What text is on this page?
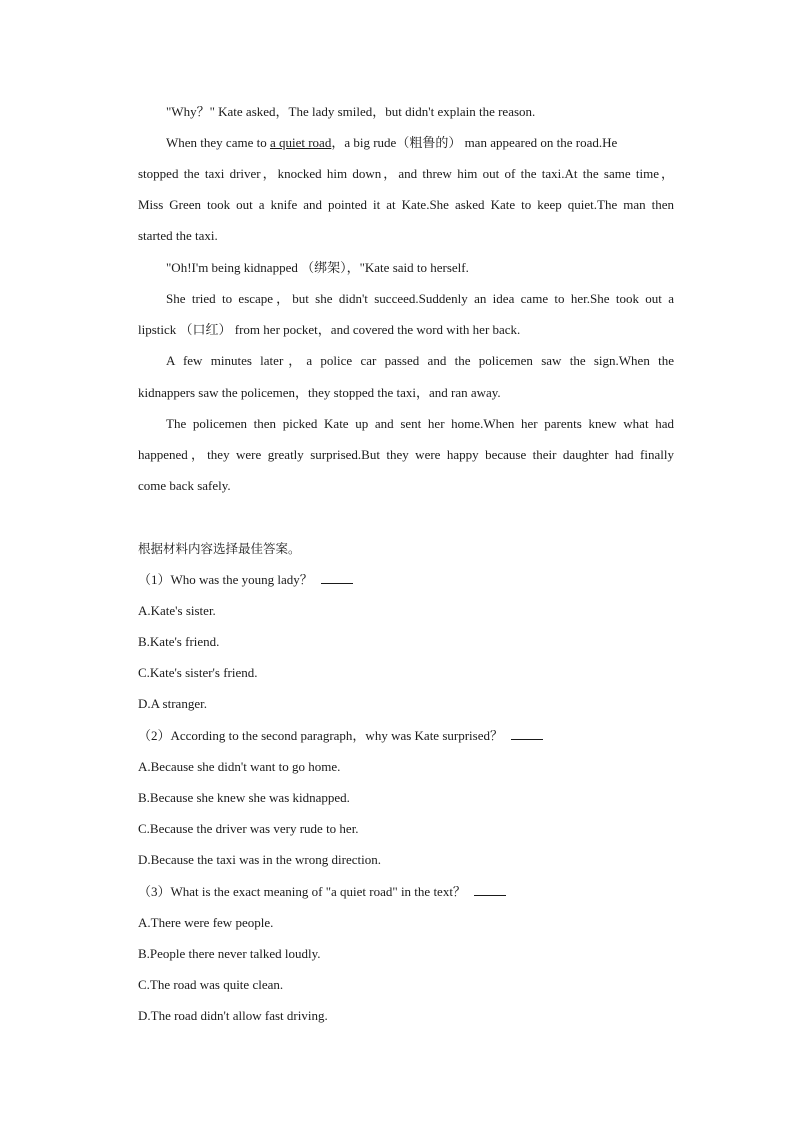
"Why？" Kate asked，The lady smiled，but didn't explain the reason.
When they came to a quiet road，a big rude（粗鲁的） man appeared on the road.He
stopped the taxi driver，knocked him down，and threw him out of the taxi.At the same time，
Miss Green took out a knife and pointed it at Kate.She asked Kate to keep quiet.The man then
started the taxi.
"Oh!I'm being kidnapped （绑架），"Kate said to herself.
She tried to escape，but she didn't succeed.Suddenly an idea came to her.She took out a
lipstick （口红） from her pocket，and covered the word with her back.
A few minutes later，a police car passed and the policemen saw the sign.When the
kidnappers saw the policemen，they stopped the taxi，and ran away.
The policemen then picked Kate up and sent her home.When her parents knew what had
happened，they were greatly surprised.But they were happy because their daughter had finally
come back safely.
根据材料内容选择最佳答案。
（1）Who was the young lady？
A.Kate's sister.
B.Kate's friend.
C.Kate's sister's friend.
D.A stranger.
（2）According to the second paragraph，why was Kate surprised？
A.Because she didn't want to go home.
B.Because she knew she was kidnapped.
C.Because the driver was very rude to her.
D.Because the taxi was in the wrong direction.
（3）What is the exact meaning of "a quiet road" in the text？
A.There were few people.
B.People there never talked loudly.
C.The road was quite clean.
D.The road didn't allow fast driving.
